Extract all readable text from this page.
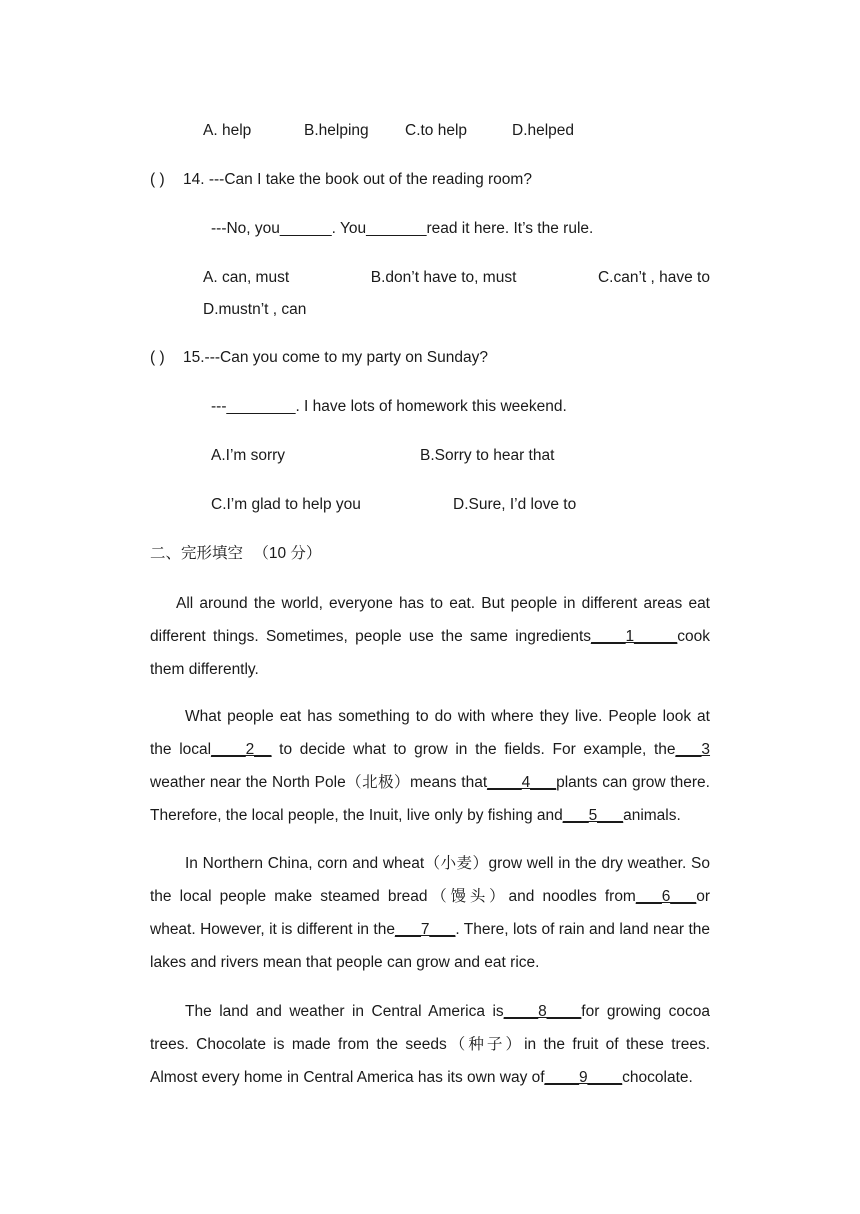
A. help	B.helping C.to help	D.helped
( ) 14. ---Can I take the book out of the reading room?
---No, you______. You_______read it here. It’s the rule.
A. can, must	B.don’t have to, must	C.can’t , have to
D.mustn’t , can
( ) 15.---Can you come to my party on Sunday?
---________. I have lots of homework this weekend.
A.I’m sorry	B.Sorry to hear that
C.I’m glad to help you	D.Sure, I’d love to
二、完形填空 （10 分）
All around the world, everyone has to eat. But people in different areas eat different things. Sometimes, people use the same ingredients____1_____cook them differently.
What people eat has something to do with where they live. People look at the local____2__ to decide what to grow in the fields. For example, the___3 weather near the North Pole（北极）means that____4___plants can grow there. Therefore, the local people, the Inuit, live only by fishing and___5___animals.
In Northern China, corn and wheat（小麦）grow well in the dry weather. So the local people make steamed bread（馒头）and noodles from___6___or wheat. However, it is different in the___7___. There, lots of rain and land near the lakes and rivers mean that people can grow and eat rice.
The land and weather in Central America is____8____for growing cocoa trees. Chocolate is made from the seeds（种子）in the fruit of these trees. Almost every home in Central America has its own way of____9____chocolate.
